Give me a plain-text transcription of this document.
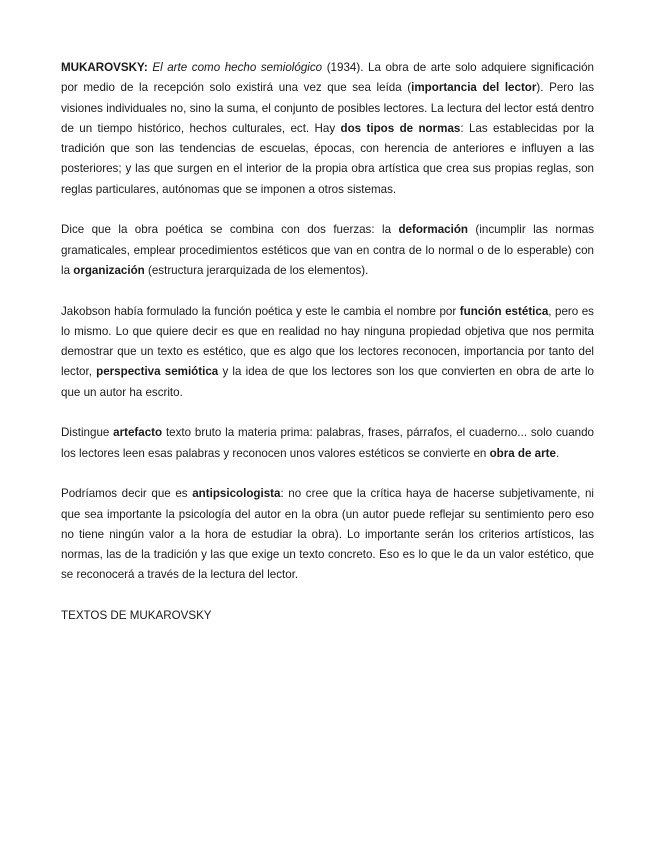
MUKAROVSKY: El arte como hecho semiológico (1934). La obra de arte solo adquiere significación por medio de la recepción solo existirá una vez que sea leída (importancia del lector). Pero las visiones individuales no, sino la suma, el conjunto de posibles lectores. La lectura del lector está dentro de un tiempo histórico, hechos culturales, ect. Hay dos tipos de normas: Las establecidas por la tradición que son las tendencias de escuelas, épocas, con herencia de anteriores e influyen a las posteriores; y las que surgen en el interior de la propia obra artística que crea sus propias reglas, son reglas particulares, autónomas que se imponen a otros sistemas.

Dice que la obra poética se combina con dos fuerzas: la deformación (incumplir las normas gramaticales, emplear procedimientos estéticos que van en contra de lo normal o de lo esperable) con la organización (estructura jerarquizada de los elementos).

Jakobson había formulado la función poética y este le cambia el nombre por función estética, pero es lo mismo. Lo que quiere decir es que en realidad no hay ninguna propiedad objetiva que nos permita demostrar que un texto es estético, que es algo que los lectores reconocen, importancia por tanto del lector, perspectiva semiótica y la idea de que los lectores son los que convierten en obra de arte lo que un autor ha escrito.

Distingue artefacto texto bruto la materia prima: palabras, frases, párrafos, el cuaderno... solo cuando los lectores leen esas palabras y reconocen unos valores estéticos se convierte en obra de arte.

Podríamos decir que es antipsicologista: no cree que la crítica haya de hacerse subjetivamente, ni que sea importante la psicología del autor en la obra (un autor puede reflejar su sentimiento pero eso no tiene ningún valor a la hora de estudiar la obra). Lo importante serán los criterios artísticos, las normas, las de la tradición y las que exige un texto concreto. Eso es lo que le da un valor estético, que se reconocerá a través de la lectura del lector.

TEXTOS DE MUKAROVSKY
